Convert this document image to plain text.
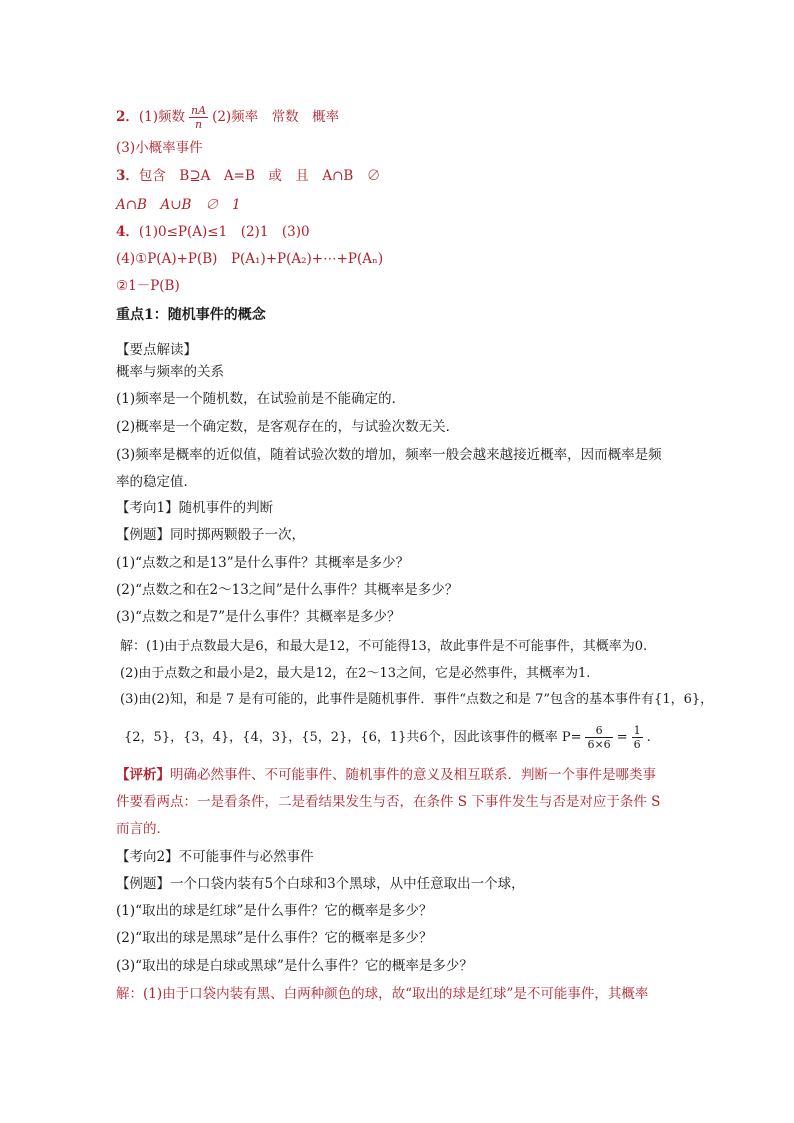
2．(1)频数 $\frac{nA}{n} (2)$频率　常数　概率
(3)小概率事件
3．包含　B⊇A　A=B　或　且　A∩B　∅
A∩B　A∪B　∅　1
4．(1)0≤P(A)≤1　(2)1　(3)0
(4)①P(A)+P(B)　P(A₁)+P(A₂)+⋯+P(Aₙ)
②1－P(B)
重点1：随机事件的概念
【要点解读】
概率与频率的关系
(1)频率是一个随机数，在试验前是不能确定的．
(2)概率是一个确定数，是客观存在的，与试验次数无关．
(3)频率是概率的近似值，随着试验次数的增加，频率一般会越来越接近概率，因而概率是频
率的稳定值．
【考向1】随机事件的判断
【例题】同时掷两颗骰子一次，
(1)“点数之和是13”是什么事件？其概率是多少？
(2)“点数之和在2～13之间”是什么事件？其概率是多少？
(3)“点数之和是7”是什么事件？其概率是多少？
解：(1)由于点数最大是6，和最大是12，不可能得13，故此事件是不可能事件，其概率为0.
(2)由于点数之和最小是2，最大是12，在2～13之间，它是必然事件，其概率为1.
(3)由(2)知，和是 7 是有可能的，此事件是随机事件．事件“点数之和是 7”包含的基本事件有{1，6}，
{2，5}，{3，4}，{4，3}，{5，2}，{6，1}共6个，因此该事件的概率 $P= \frac{6}{6\times 6} = \frac{1}{6}$ .
【评析】明确必然事件、不可能事件、随机事件的意义及相互联系．判断一个事件是哪类事
件要看两点：一是看条件，二是看结果发生与否，在条件 S 下事件发生与否是对应于条件 S
而言的．
【考向2】不可能事件与必然事件
【例题】一个口袋内装有5个白球和3个黑球，从中任意取出一个球，
(1)“取出的球是红球”是什么事件？它的概率是多少？
(2)“取出的球是黑球”是什么事件？它的概率是多少？
(3)“取出的球是白球或黑球”是什么事件？它的概率是多少？
解：(1)由于口袋内装有黑、白两种颜色的球，故“取出的球是红球”是不可能事件，其概率
